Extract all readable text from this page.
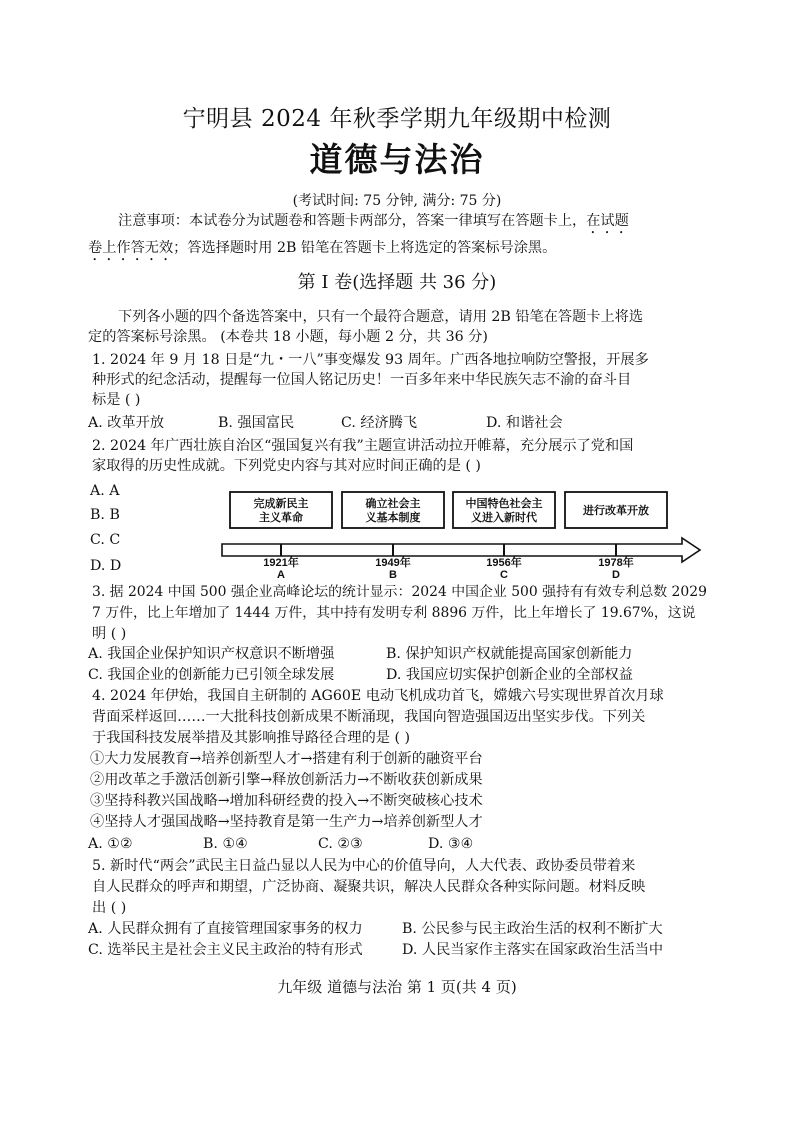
宁明县 2024 年秋季学期九年级期中检测
道德与法治
(考试时间: 75 分钟, 满分: 75 分)
注意事项：本试卷分为试题卷和答题卡两部分，答案一律填写在答题卡上，在试题
卷上作答无效；答选择题时用 2B 铅笔在答题卡上将选定的答案标号涂黑。
第 I 卷(选择题 共 36 分)
下列各小题的四个备选答案中，只有一个最符合题意，请用 2B 铅笔在答题卡上将选
定的答案标号涂黑。 (本卷共 18 小题，每小题 2 分，共 36 分)
1. 2024 年 9 月 18 日是“九・一八”事变爆发 93 周年。广西各地拉响防空警报，开展多
种形式的纪念活动，提醒每一位国人铭记历史！一百多年来中华民族矢志不渝的奋斗目
标是 ( )
A. 改革开放	B. 强国富民	C. 经济腾飞	D. 和谐社会
2. 2024 年广西壮族自治区“强国复兴有我”主题宣讲活动拉开帷幕，充分展示了党和国
家取得的历史性成就。下列党史内容与其对应时间正确的是 ( )
A. A
B. B
C. C
D. D
完成新民主
主义革命
确立社会主
义基本制度
中国特色社会主
义进入新时代
进行改革开放
1921年	1949年	1956年	1978年
A	B	C	D
3. 据 2024 中国 500 强企业高峰论坛的统计显示：2024 中国企业 500 强持有有效专利总数 2029
7 万件，比上年增加了 1444 万件，其中持有发明专利 8896 万件，比上年增长了 19.67%，这说
明 ( )
A. 我国企业保护知识产权意识不断增强	B. 保护知识产权就能提高国家创新能力
C. 我国企业的创新能力已引领全球发展	D. 我国应切实保护创新企业的全部权益
4. 2024 年伊始，我国自主研制的 AG60E 电动飞机成功首飞，嫦娥六号实现世界首次月球
背面采样返回……一大批科技创新成果不断涌现，我国向智造强国迈出坚实步伐。下列关
于我国科技发展举措及其影响推导路径合理的是 ( )
①大力发展教育→培养创新型人才→搭建有利于创新的融资平台
②用改革之手激活创新引擎→释放创新活力→不断收获创新成果
③坚持科教兴国战略→增加科研经费的投入→不断突破核心技术
④坚持人才强国战略→坚持教育是第一生产力→培养创新型人才
A. ①②	B. ①④	C. ②③	D. ③④
5. 新时代“两会”武民主日益凸显以人民为中心的价值导向，人大代表、政协委员带着来
自人民群众的呼声和期望，广泛协商、凝聚共识，解决人民群众各种实际问题。材料反映
出 ( )
A. 人民群众拥有了直接管理国家事务的权力	B. 公民参与民主政治生活的权利不断扩大
C. 选举民主是社会主义民主政治的特有形式	D. 人民当家作主落实在国家政治生活当中
九年级 道德与法治 第 1 页(共 4 页)
